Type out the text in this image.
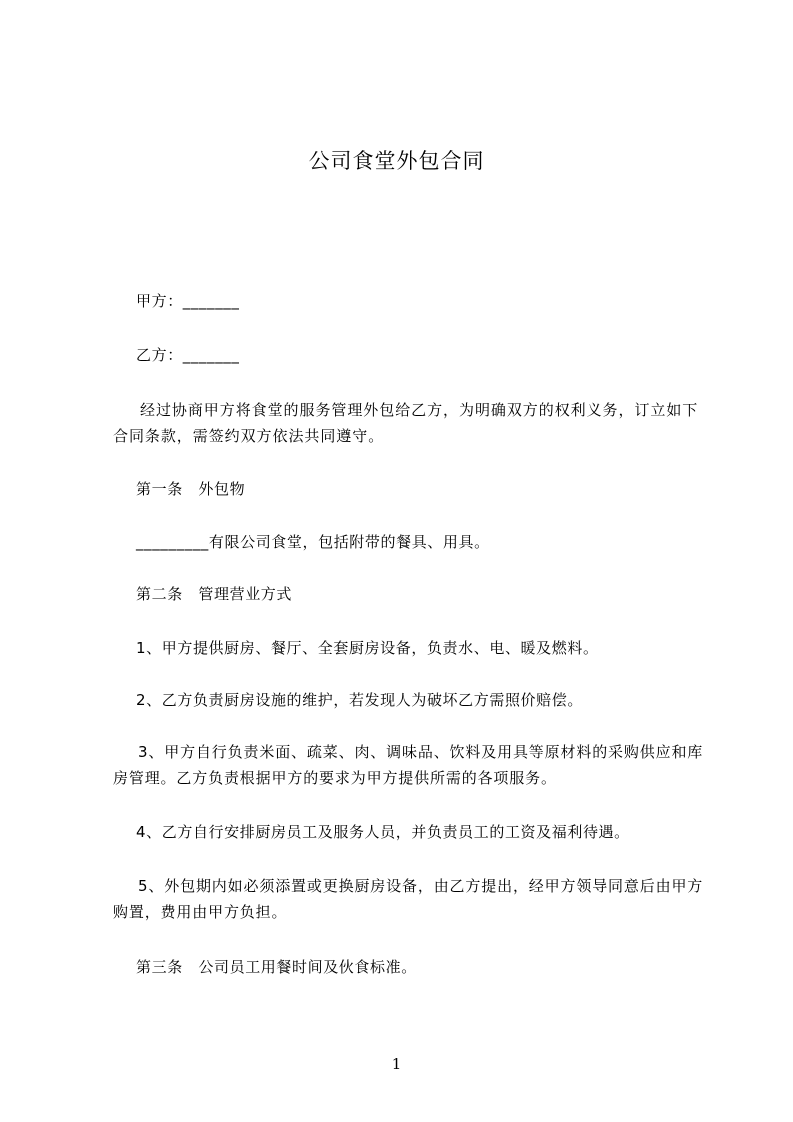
公司食堂外包合同
甲方：_______
乙方：_______
经过协商甲方将食堂的服务管理外包给乙方，为明确双方的权利义务，订立如下
合同条款，需签约双方依法共同遵守。
第一条　外包物
_________有限公司食堂，包括附带的餐具、用具。
第二条　管理营业方式
1、甲方提供厨房、餐厅、全套厨房设备，负责水、电、暖及燃料。
2、乙方负责厨房设施的维护，若发现人为破坏乙方需照价赔偿。
3、甲方自行负责米面、疏菜、肉、调味品、饮料及用具等原材料的采购供应和库
房管理。乙方负责根据甲方的要求为甲方提供所需的各项服务。
4、乙方自行安排厨房员工及服务人员，并负责员工的工资及福利待遇。
5、外包期内如必须添置或更换厨房设备，由乙方提出，经甲方领导同意后由甲方
购置，费用由甲方负担。
第三条　公司员工用餐时间及伙食标准。
1
